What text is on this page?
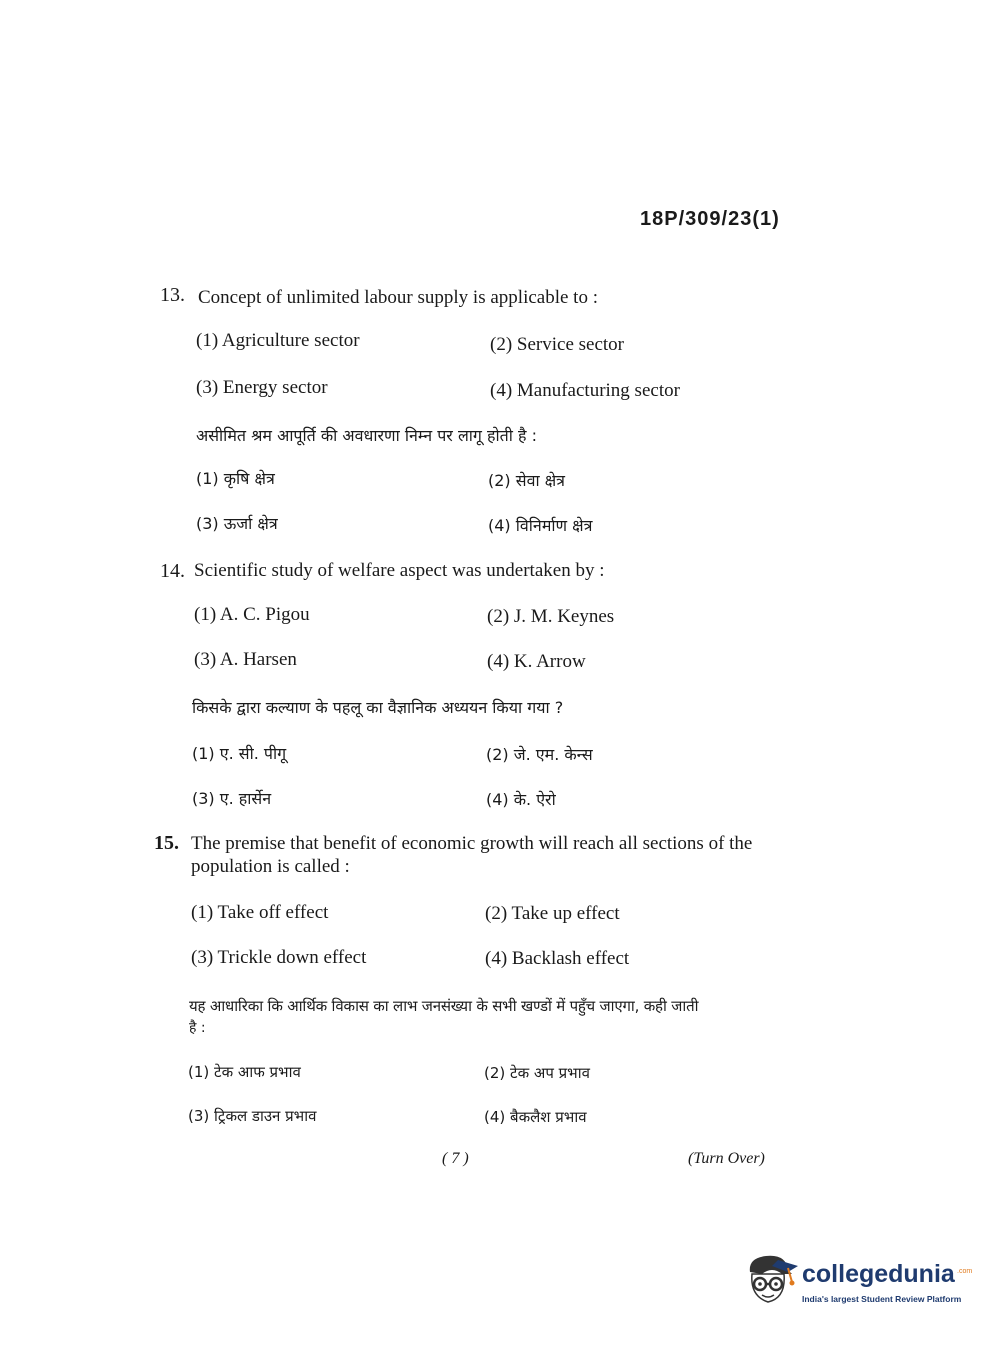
18P/309/23(1)
13. Concept of unlimited labour supply is applicable to :
(1) Agriculture sector	(2) Service sector
(3) Energy sector	(4) Manufacturing sector
असीमित श्रम आपूर्ति की अवधारणा निम्न पर लागू होती है :
(1) कृषि क्षेत्र	(2) सेवा क्षेत्र
(3) ऊर्जा क्षेत्र	(4) विनिर्माण क्षेत्र
14. Scientific study of welfare aspect was undertaken by :
(1) A. C. Pigou	(2) J. M. Keynes
(3) A. Harsen	(4) K. Arrow
किसके द्वारा कल्याण के पहलू का वैज्ञानिक अध्ययन किया गया ?
(1) ए. सी. पीगू	(2) जे. एम. केन्स
(3) ए. हार्सेन	(4) के. ऐरो
15. The premise that benefit of economic growth will reach all sections of the
population is called :
(1) Take off effect	(2) Take up effect
(3) Trickle down effect	(4) Backlash effect
यह आधारिका कि आर्थिक विकास का लाभ जनसंख्या के सभी खण्डों में पहुँच जाएगा, कही जाती
है :
(1) टेक आफ प्रभाव	(2) टेक अप प्रभाव
(3) ट्रिकल डाउन प्रभाव	(4) बैकलैश प्रभाव
( 7 )	(Turn Over)
collegedunia .com
India's largest Student Review Platform
